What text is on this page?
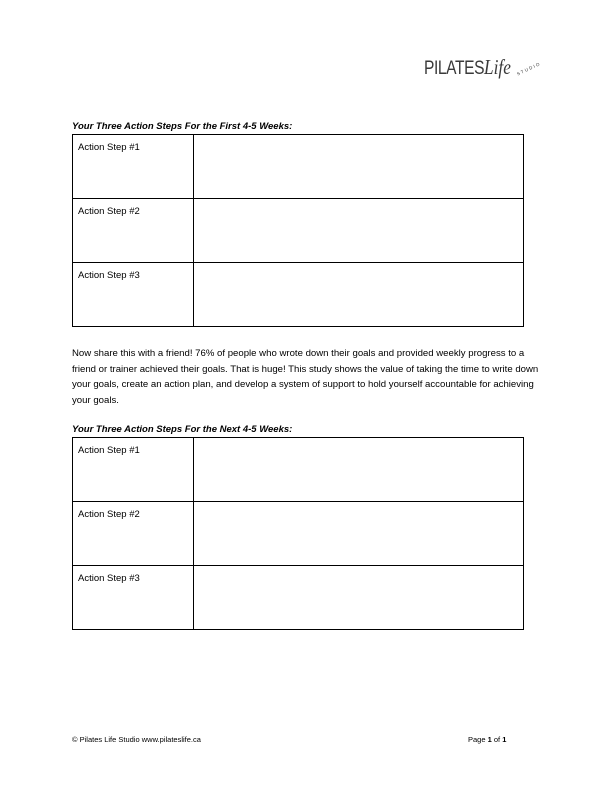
PILATESLife STUDIO
Your Three Action Steps For the First 4-5 Weeks:
Action Step #1	
Action Step #2	
Action Step #3	
Now share this with a friend! 76% of people who wrote down their goals and provided weekly progress to a friend or trainer achieved their goals. That is huge! This study shows the value of taking the time to write down your goals, create an action plan, and develop a system of support to hold yourself accountable for achieving your goals.
Your Three Action Steps For the Next 4-5 Weeks:
Action Step #1	
Action Step #2	
Action Step #3	
© Pilates Life Studio www.pilateslife.ca	Page 1 of 1
